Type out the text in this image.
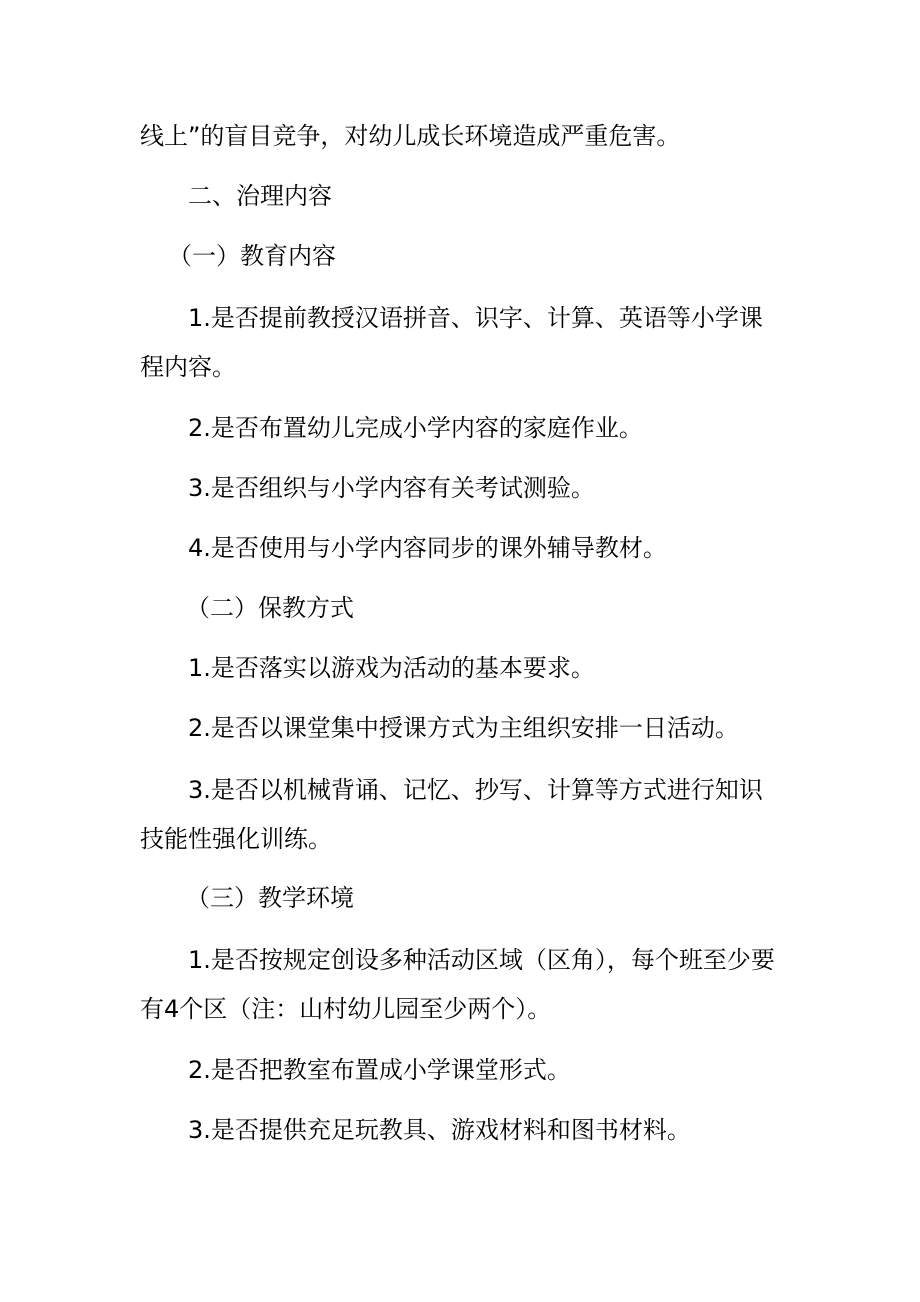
线上”的盲目竞争，对幼儿成长环境造成严重危害。

二、治理内容

（一）教育内容

1.是否提前教授汉语拼音、识字、计算、英语等小学课程内容。

2.是否布置幼儿完成小学内容的家庭作业。

3.是否组织与小学内容有关考试测验。

4.是否使用与小学内容同步的课外辅导教材。

（二）保教方式

1.是否落实以游戏为活动的基本要求。

2.是否以课堂集中授课方式为主组织安排一日活动。

3.是否以机械背诵、记忆、抄写、计算等方式进行知识技能性强化训练。

（三）教学环境

1.是否按规定创设多种活动区域（区角），每个班至少要有4个区（注：山村幼儿园至少两个）。

2.是否把教室布置成小学课堂形式。

3.是否提供充足玩教具、游戏材料和图书材料。
